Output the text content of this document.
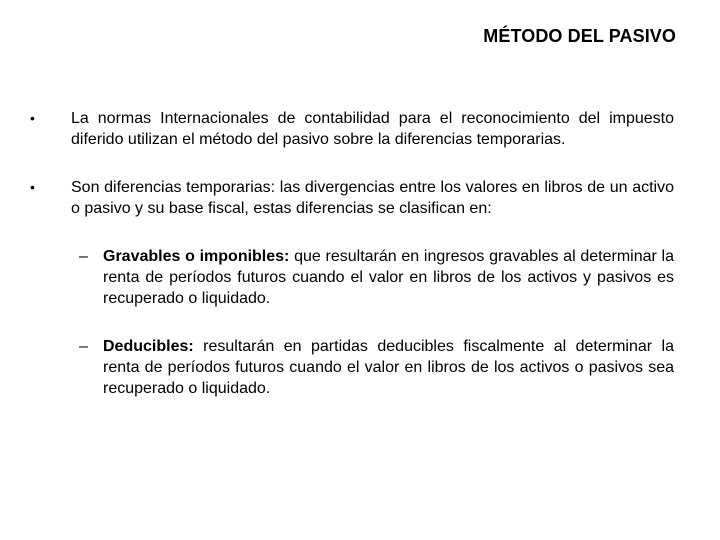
MÉTODO DEL PASIVO
• La normas Internacionales de contabilidad para el reconocimiento del impuesto diferido utilizan el método del pasivo sobre la diferencias temporarias.
• Son diferencias temporarias: las divergencias entre los valores en libros de un activo o pasivo y su base fiscal, estas diferencias se clasifican en:
– Gravables o imponibles: que resultarán en ingresos gravables al determinar la renta de períodos futuros cuando el valor en libros de los activos y pasivos es recuperado o liquidado.
– Deducibles: resultarán en partidas deducibles fiscalmente al determinar la renta de períodos futuros cuando el valor en libros de los activos o pasivos sea recuperado o liquidado.
